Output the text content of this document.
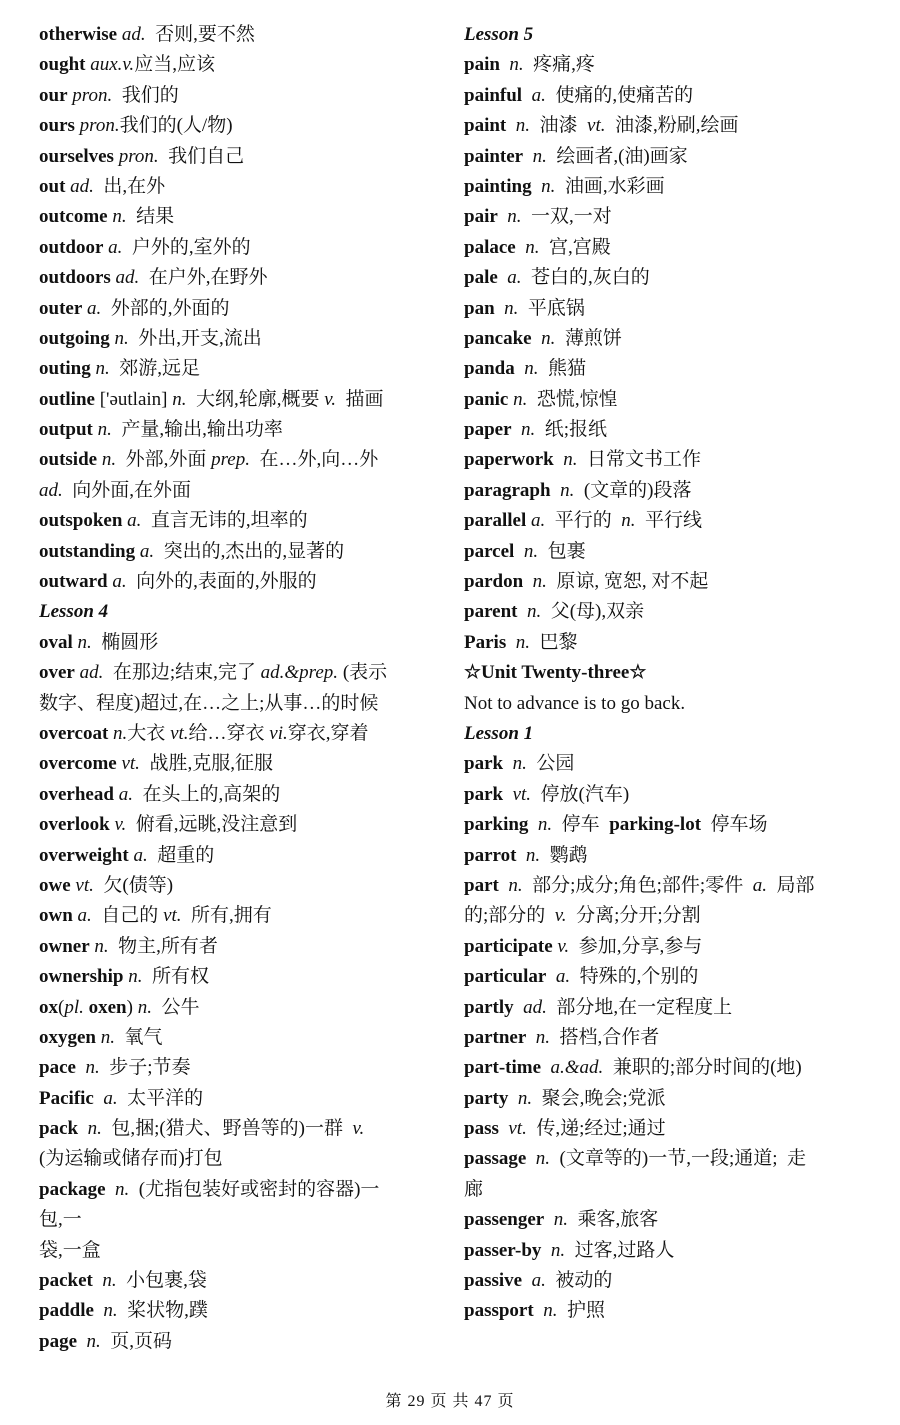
otherwise ad.  否则,要不然
ought aux.v.应当,应该
our pron.  我们的
ours pron.我们的(人/物)
ourselves pron.  我们自己
out ad.  出,在外
outcome n.  结果
outdoor a.  户外的,室外的
outdoors ad.  在户外,在野外
outer a.  外部的,外面的
outgoing n.  外出,开支,流出
outing n.  郊游,远足
outline ['əutlain] n.  大纲,轮廓,概要 v.  描画
output n.  产量,输出,输出功率
outside n.  外部,外面 prep.  在…外,向…外
ad.  向外面,在外面
outspoken a.  直言无讳的,坦率的
outstanding a.  突出的,杰出的,显著的
outward a.  向外的,表面的,外服的
Lesson 4
oval n.  椭圆形
over ad.  在那边;结束,完了 ad.&prep. (表示
数字、程度)超过,在…之上;从事…的时候
overcoat n.大衣 vt.给…穿衣 vi.穿衣,穿着
overcome vt.  战胜,克服,征服
overhead a.  在头上的,高架的
overlook v.  俯看,远眺,没注意到
overweight a.  超重的
owe vt.  欠(债等)
own a.  自己的 vt.  所有,拥有
owner n.  物主,所有者
ownership n.  所有权
ox(pl. oxen) n.  公牛
oxygen n.  氧气
pace  n.  步子;节奏
Pacific  a.  太平洋的
pack  n.  包,捆;(猎犬、野兽等的)一群  v.
(为运输或储存而)打包
package  n.  (尤指包装好或密封的容器)一
包,一
袋,一盒
packet  n.  小包裹,袋
paddle  n.  桨状物,蹼
page  n.  页,页码
Lesson 5
pain  n.  疼痛,疼
painful  a.  使痛的,使痛苦的
paint  n.  油漆  vt.  油漆,粉刷,绘画
painter  n.  绘画者,(油)画家
painting  n.  油画,水彩画
pair  n.  一双,一对
palace  n.  宫,宫殿
pale  a.  苍白的,灰白的
pan  n.  平底锅
pancake  n.  薄煎饼
panda  n.  熊猫
panic n.  恐慌,惊惶
paper  n.  纸;报纸
paperwork  n.  日常文书工作
paragraph  n.  (文章的)段落
parallel a.  平行的  n.  平行线
parcel  n.  包裹
pardon  n.  原谅, 宽恕, 对不起
parent  n.  父(母),双亲
Paris  n.  巴黎
☆Unit Twenty-three☆
Not to advance is to go back.
Lesson 1
park  n.  公园
park  vt.  停放(汽车)
parking  n.  停车  parking-lot  停车场
parrot  n.  鹦鹉
part  n.  部分;成分;角色;部件;零件  a.  局部
的;部分的  v.  分离;分开;分割
participate v.  参加,分享,参与
particular  a.  特殊的,个别的
partly  ad.  部分地,在一定程度上
partner  n.  搭档,合作者
part-time  a.&ad.  兼职的;部分时间的(地)
party  n.  聚会,晚会;党派
pass  vt.  传,递;经过;通过
passage  n.  (文章等的)一节,一段;通道;  走
廊
passenger  n.  乘客,旅客
passer-by  n.  过客,过路人
passive  a.  被动的
passport  n.  护照
第 29 页 共 47 页
